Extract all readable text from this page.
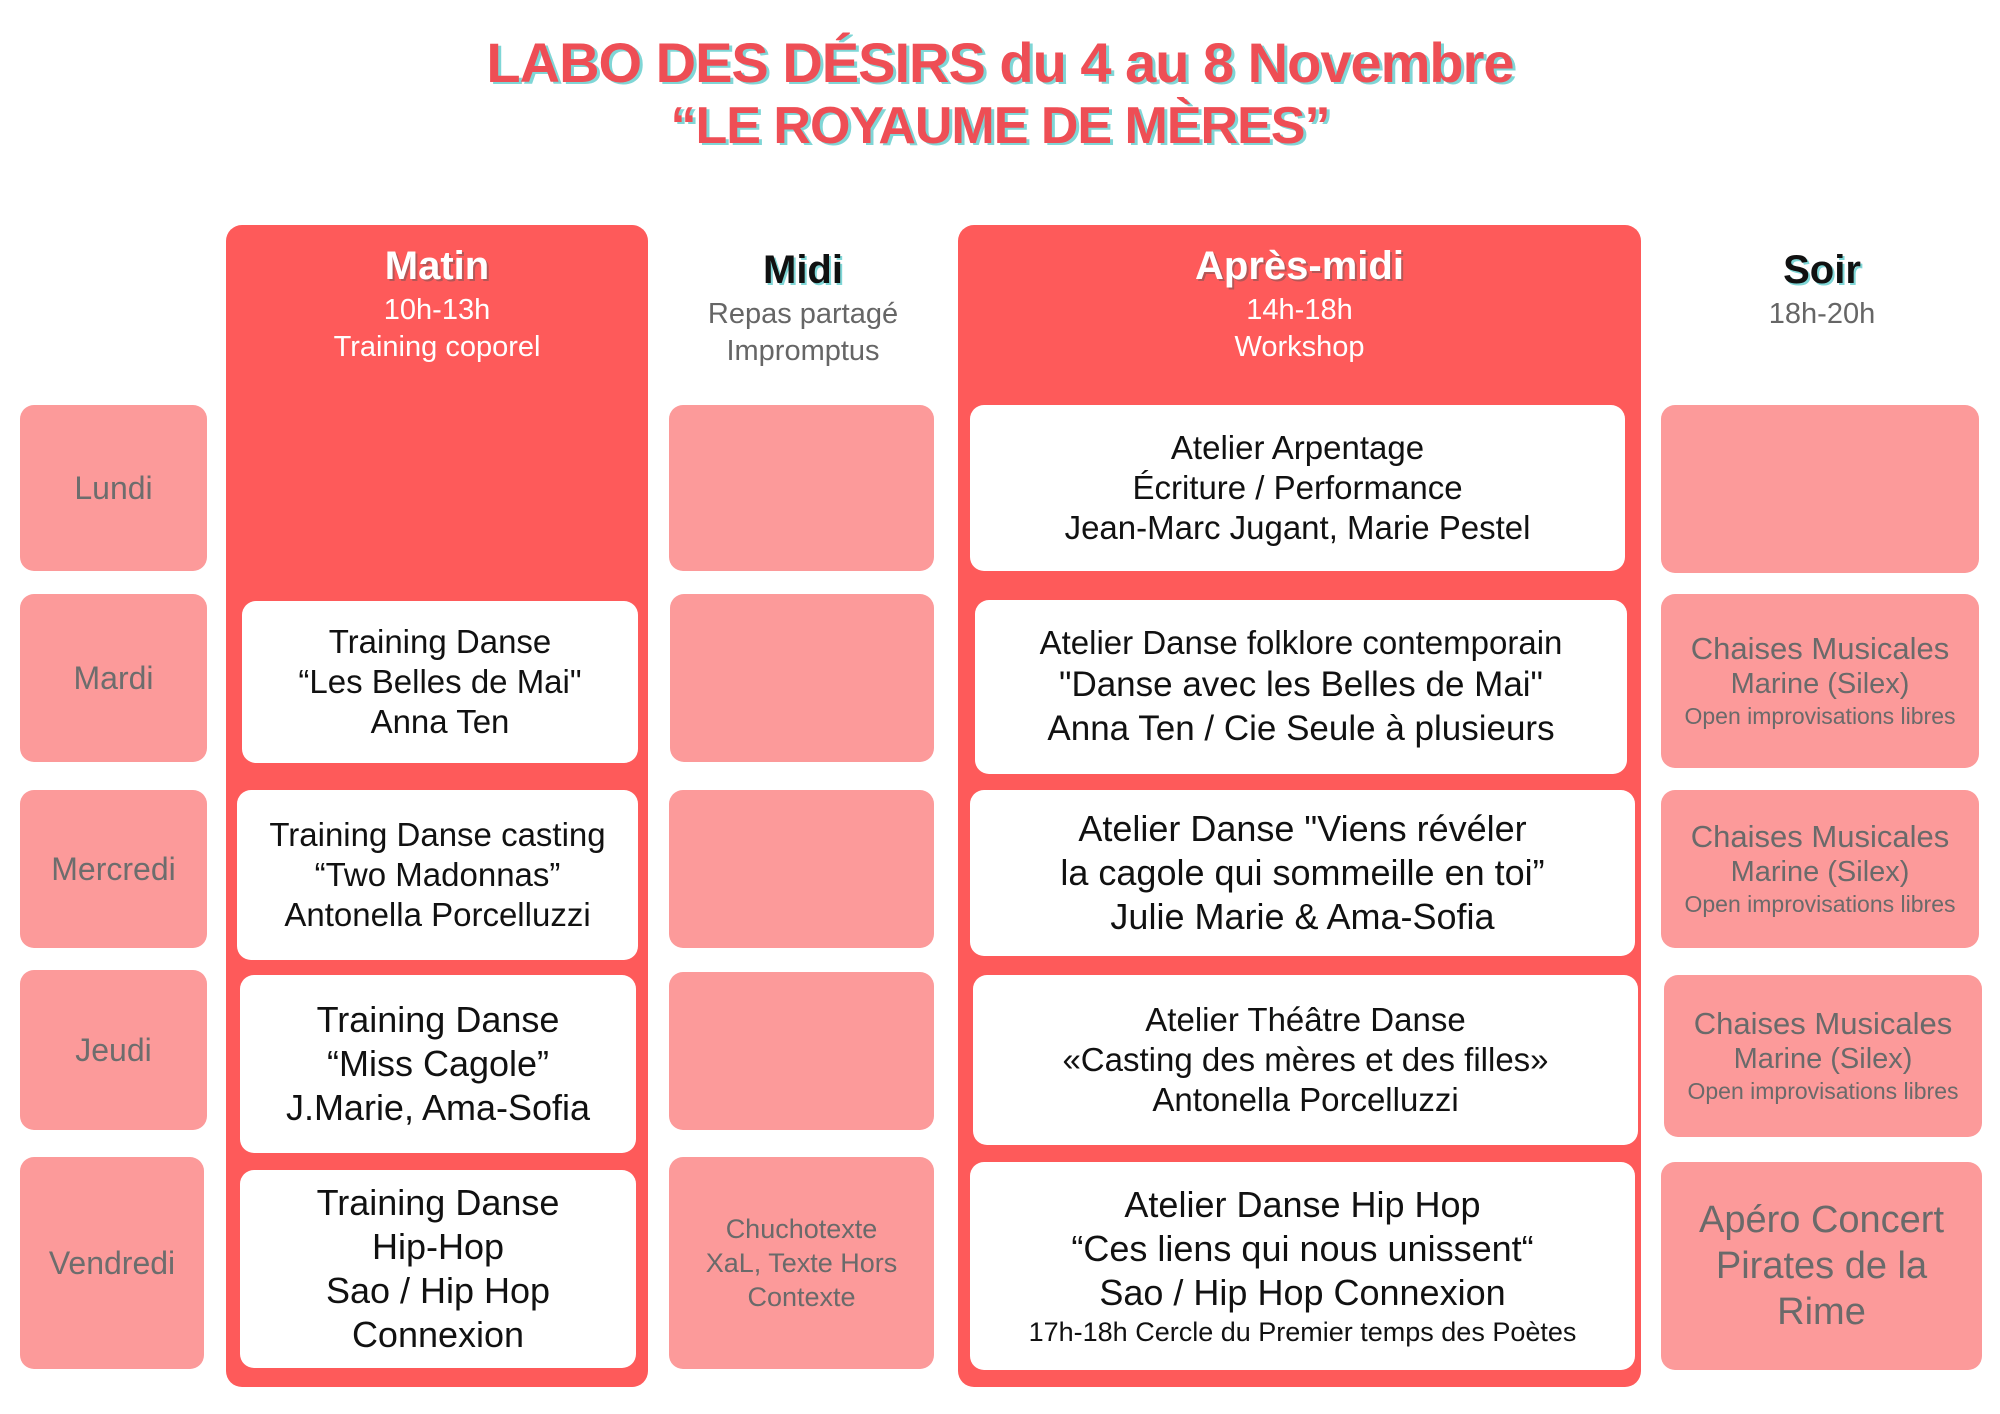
LABO DES DÉSIRS du 4 au 8 Novembre
“LE ROYAUME DE MÈRES”
Matin
10h-13h
Training coporel
Midi
Repas partagé
Impromptus
Après-midi
14h-18h
Workshop
Soir
18h-20h
Lundi
Mardi
Mercredi
Jeudi
Vendredi
Training Danse
“Les Belles de Mai"
Anna Ten
Training Danse casting
“Two Madonnas”
Antonella Porcelluzzi
Training Danse
“Miss Cagole”
J.Marie, Ama-Sofia
Training Danse
Hip-Hop
Sao / Hip Hop
Connexion
Chuchotexte
XaL, Texte Hors
Contexte
Atelier Arpentage
Écriture / Performance
Jean-Marc Jugant, Marie Pestel
Atelier Danse folklore contemporain
"Danse avec les Belles de Mai"
Anna Ten / Cie Seule à plusieurs
Atelier Danse "Viens révéler
la cagole qui sommeille en toi”
Julie Marie & Ama-Sofia
Atelier Théâtre Danse
«Casting des mères et des filles»
Antonella Porcelluzzi
Atelier Danse Hip Hop
“Ces liens qui nous unissent“
Sao / Hip Hop Connexion
17h-18h Cercle du Premier temps des Poètes
Chaises Musicales
Marine (Silex)
Open improvisations libres
Chaises Musicales
Marine (Silex)
Open improvisations libres
Chaises Musicales
Marine (Silex)
Open improvisations libres
Apéro Concert
Pirates de la
Rime
